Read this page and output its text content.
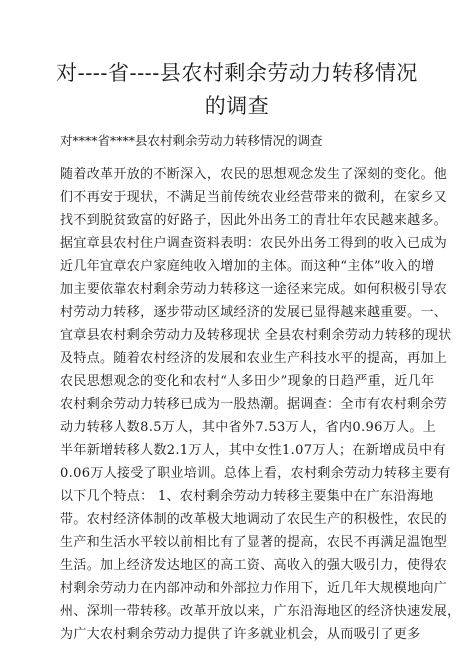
对----省----县农村剩余劳动力转移情况
的调查
对****省****县农村剩余劳动力转移情况的调查
随着改革开放的不断深入，农民的思想观念发生了深刻的变化。他
们不再安于现状，不满足当前传统农业经营带来的微利，在家乡又
找不到脱贫致富的好路子，因此外出务工的青壮年农民越来越多。
据宜章县农村住户调查资料表明：农民外出务工得到的收入已成为
近几年宜章农户家庭纯收入增加的主体。而这种“主体”收入的增
加主要依靠农村剩余劳动力转移这一途径来完成。如何积极引导农
村劳动力转移，逐步带动区域经济的发展已显得越来越重要。一、
宜章县农村剩余劳动力及转移现状 全县农村剩余劳动力转移的现状
及特点。随着农村经济的发展和农业生产科技水平的提高，再加上
农民思想观念的变化和农村“人多田少”现象的日趋严重，近几年
农村剩余劳动力转移已成为一股热潮。据调查：全市有农村剩余劳
动力转移人数8.5万人，其中省外7.53万人，省内0.96万人。上
半年新增转移人数2.1万人，其中女性1.07万人；在新增成员中有
0.06万人接受了职业培训。总体上看，农村剩余劳动力转移主要有
以下几个特点： 1、农村剩余劳动力转移主要集中在广东沿海地
带。农村经济体制的改革极大地调动了农民生产的积极性，农民的
生产和生活水平较以前相比有了显著的提高，农民不再满足温饱型
生活。加上经济发达地区的高工资、高收入的强大吸引力，使得农
村剩余劳动力在内部冲动和外部拉力作用下，近几年大规模地向广
州、深圳一带转移。改革开放以来，广东沿海地区的经济快速发展，
为广大农村剩余劳动力提供了许多就业机会，从而吸引了更多
